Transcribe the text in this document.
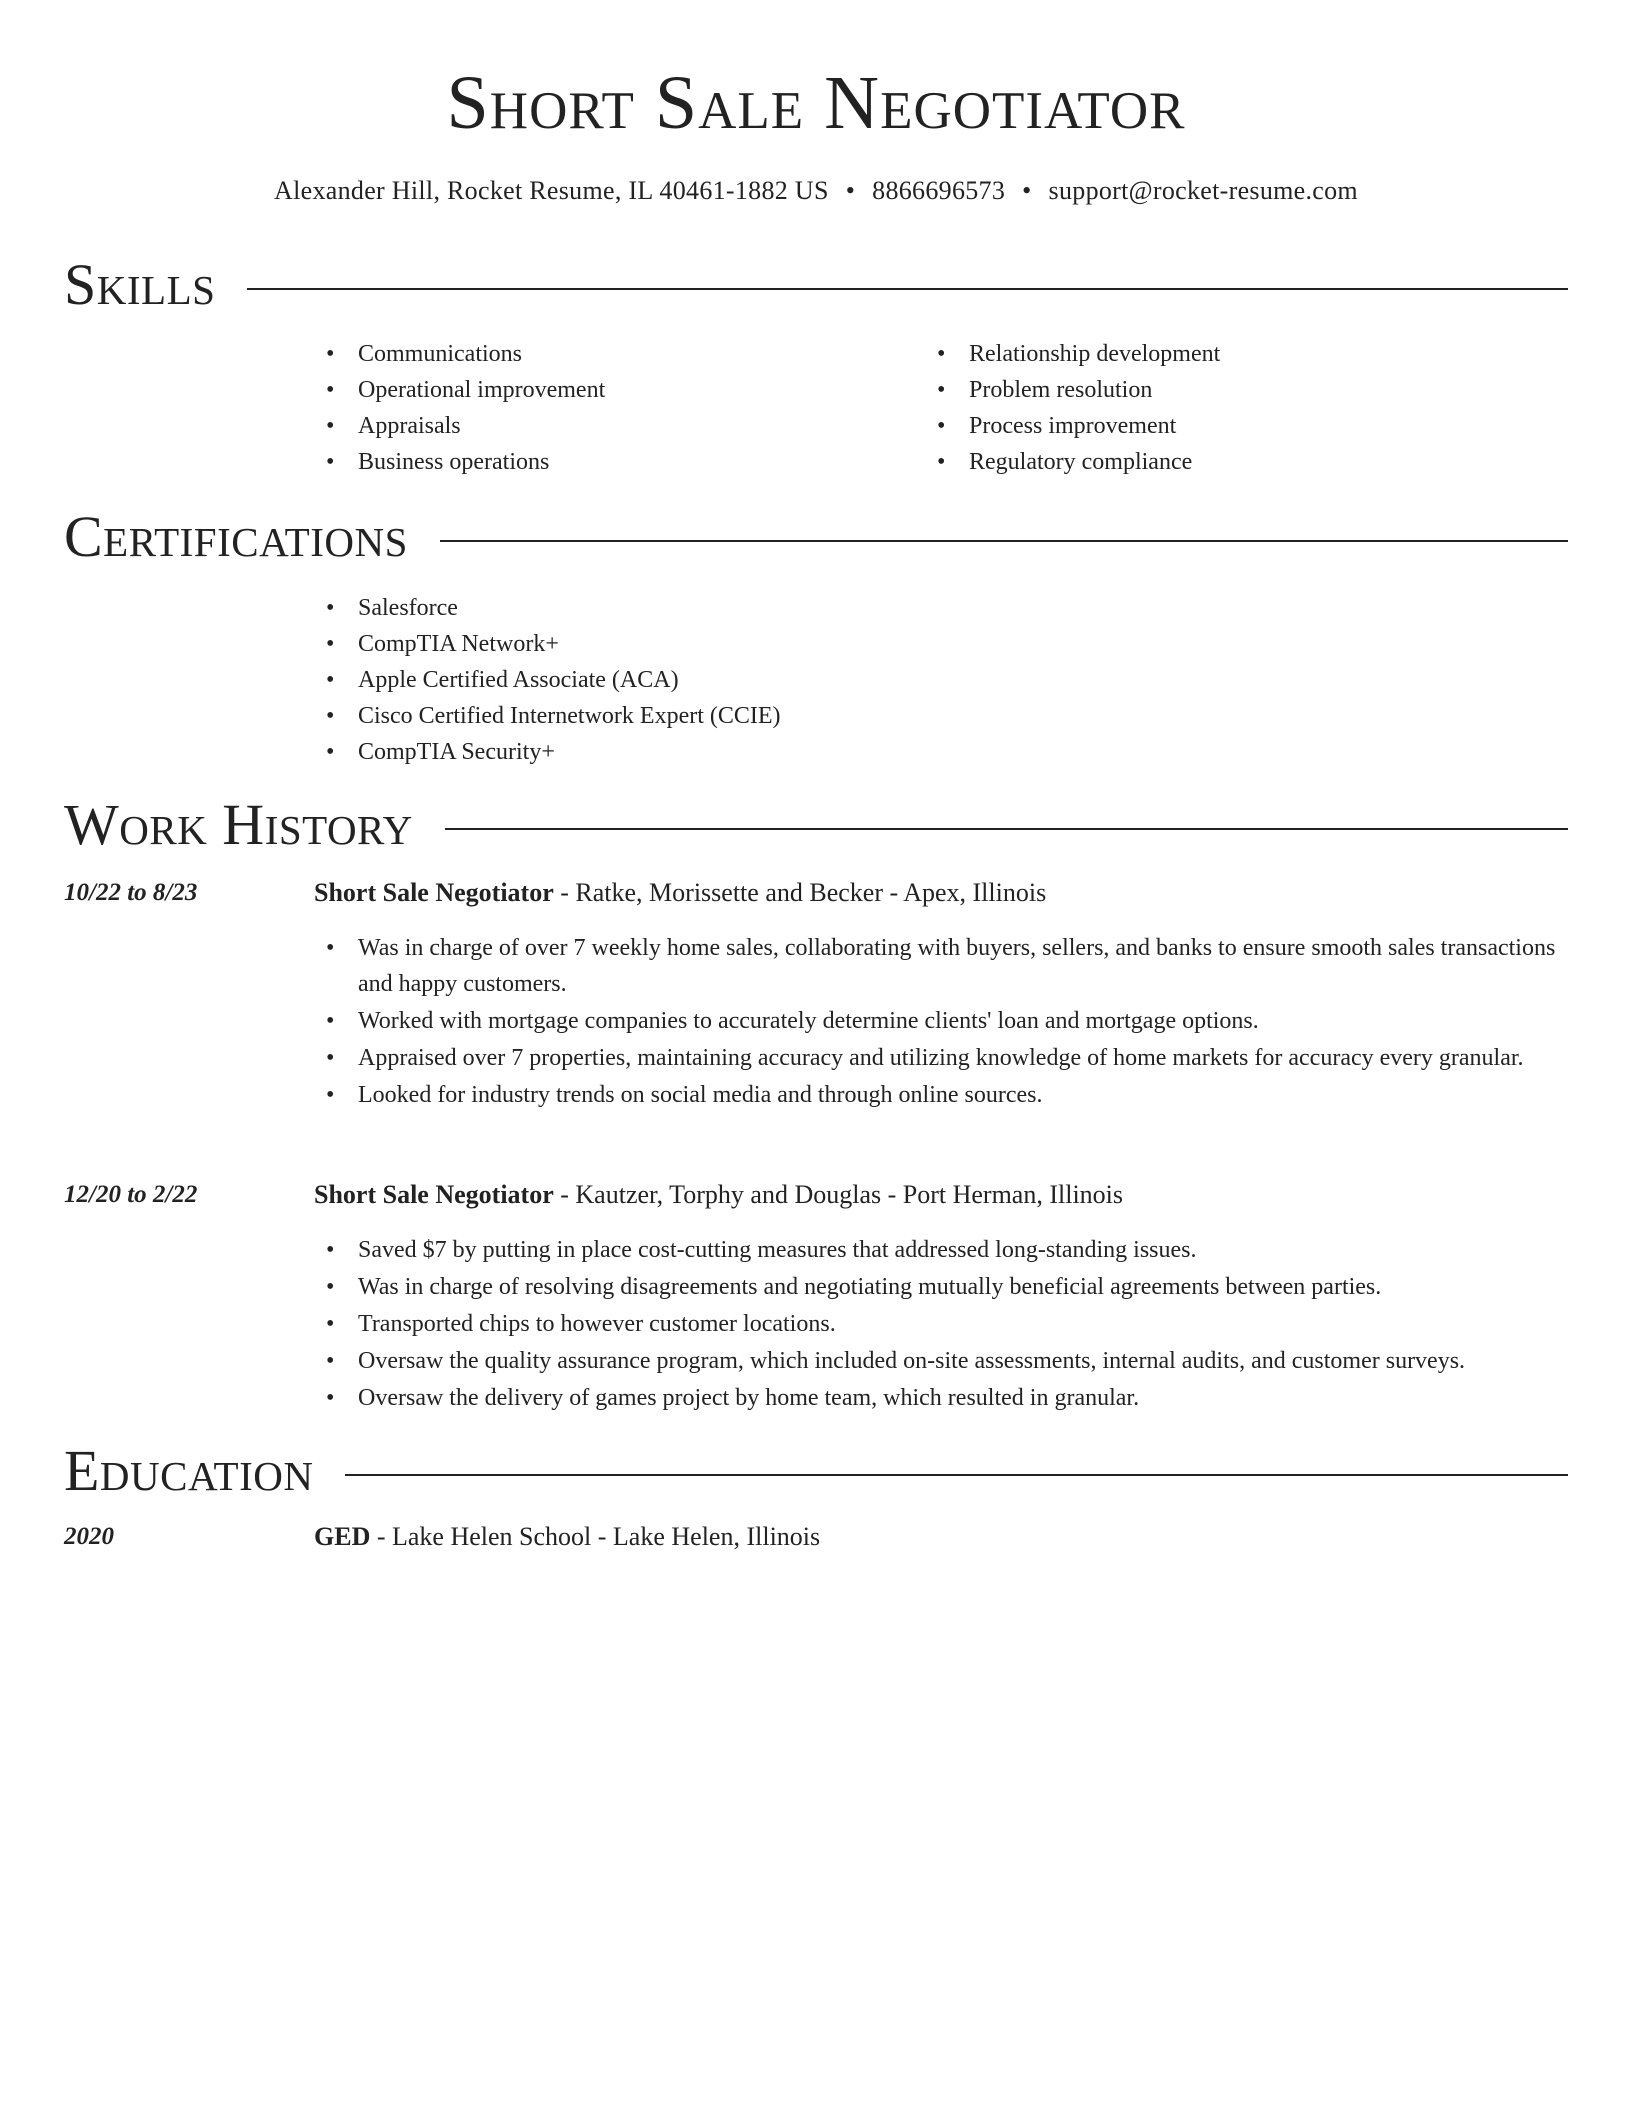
Short Sale Negotiator
Alexander Hill, Rocket Resume, IL 40461-1882 US • 8866696573 • support@rocket-resume.com
Skills
• Communications
• Operational improvement
• Appraisals
• Business operations
• Relationship development
• Problem resolution
• Process improvement
• Regulatory compliance
Certifications
• Salesforce
• CompTIA Network+
• Apple Certified Associate (ACA)
• Cisco Certified Internetwork Expert (CCIE)
• CompTIA Security+
Work History
10/22 to 8/23	Short Sale Negotiator - Ratke, Morissette and Becker - Apex, Illinois
• Was in charge of over 7 weekly home sales, collaborating with buyers, sellers, and banks to ensure smooth sales transactions and happy customers.
• Worked with mortgage companies to accurately determine clients' loan and mortgage options.
• Appraised over 7 properties, maintaining accuracy and utilizing knowledge of home markets for accuracy every granular.
• Looked for industry trends on social media and through online sources.
12/20 to 2/22	Short Sale Negotiator - Kautzer, Torphy and Douglas - Port Herman, Illinois
• Saved $7 by putting in place cost-cutting measures that addressed long-standing issues.
• Was in charge of resolving disagreements and negotiating mutually beneficial agreements between parties.
• Transported chips to however customer locations.
• Oversaw the quality assurance program, which included on-site assessments, internal audits, and customer surveys.
• Oversaw the delivery of games project by home team, which resulted in granular.
Education
2020	GED - Lake Helen School - Lake Helen, Illinois
